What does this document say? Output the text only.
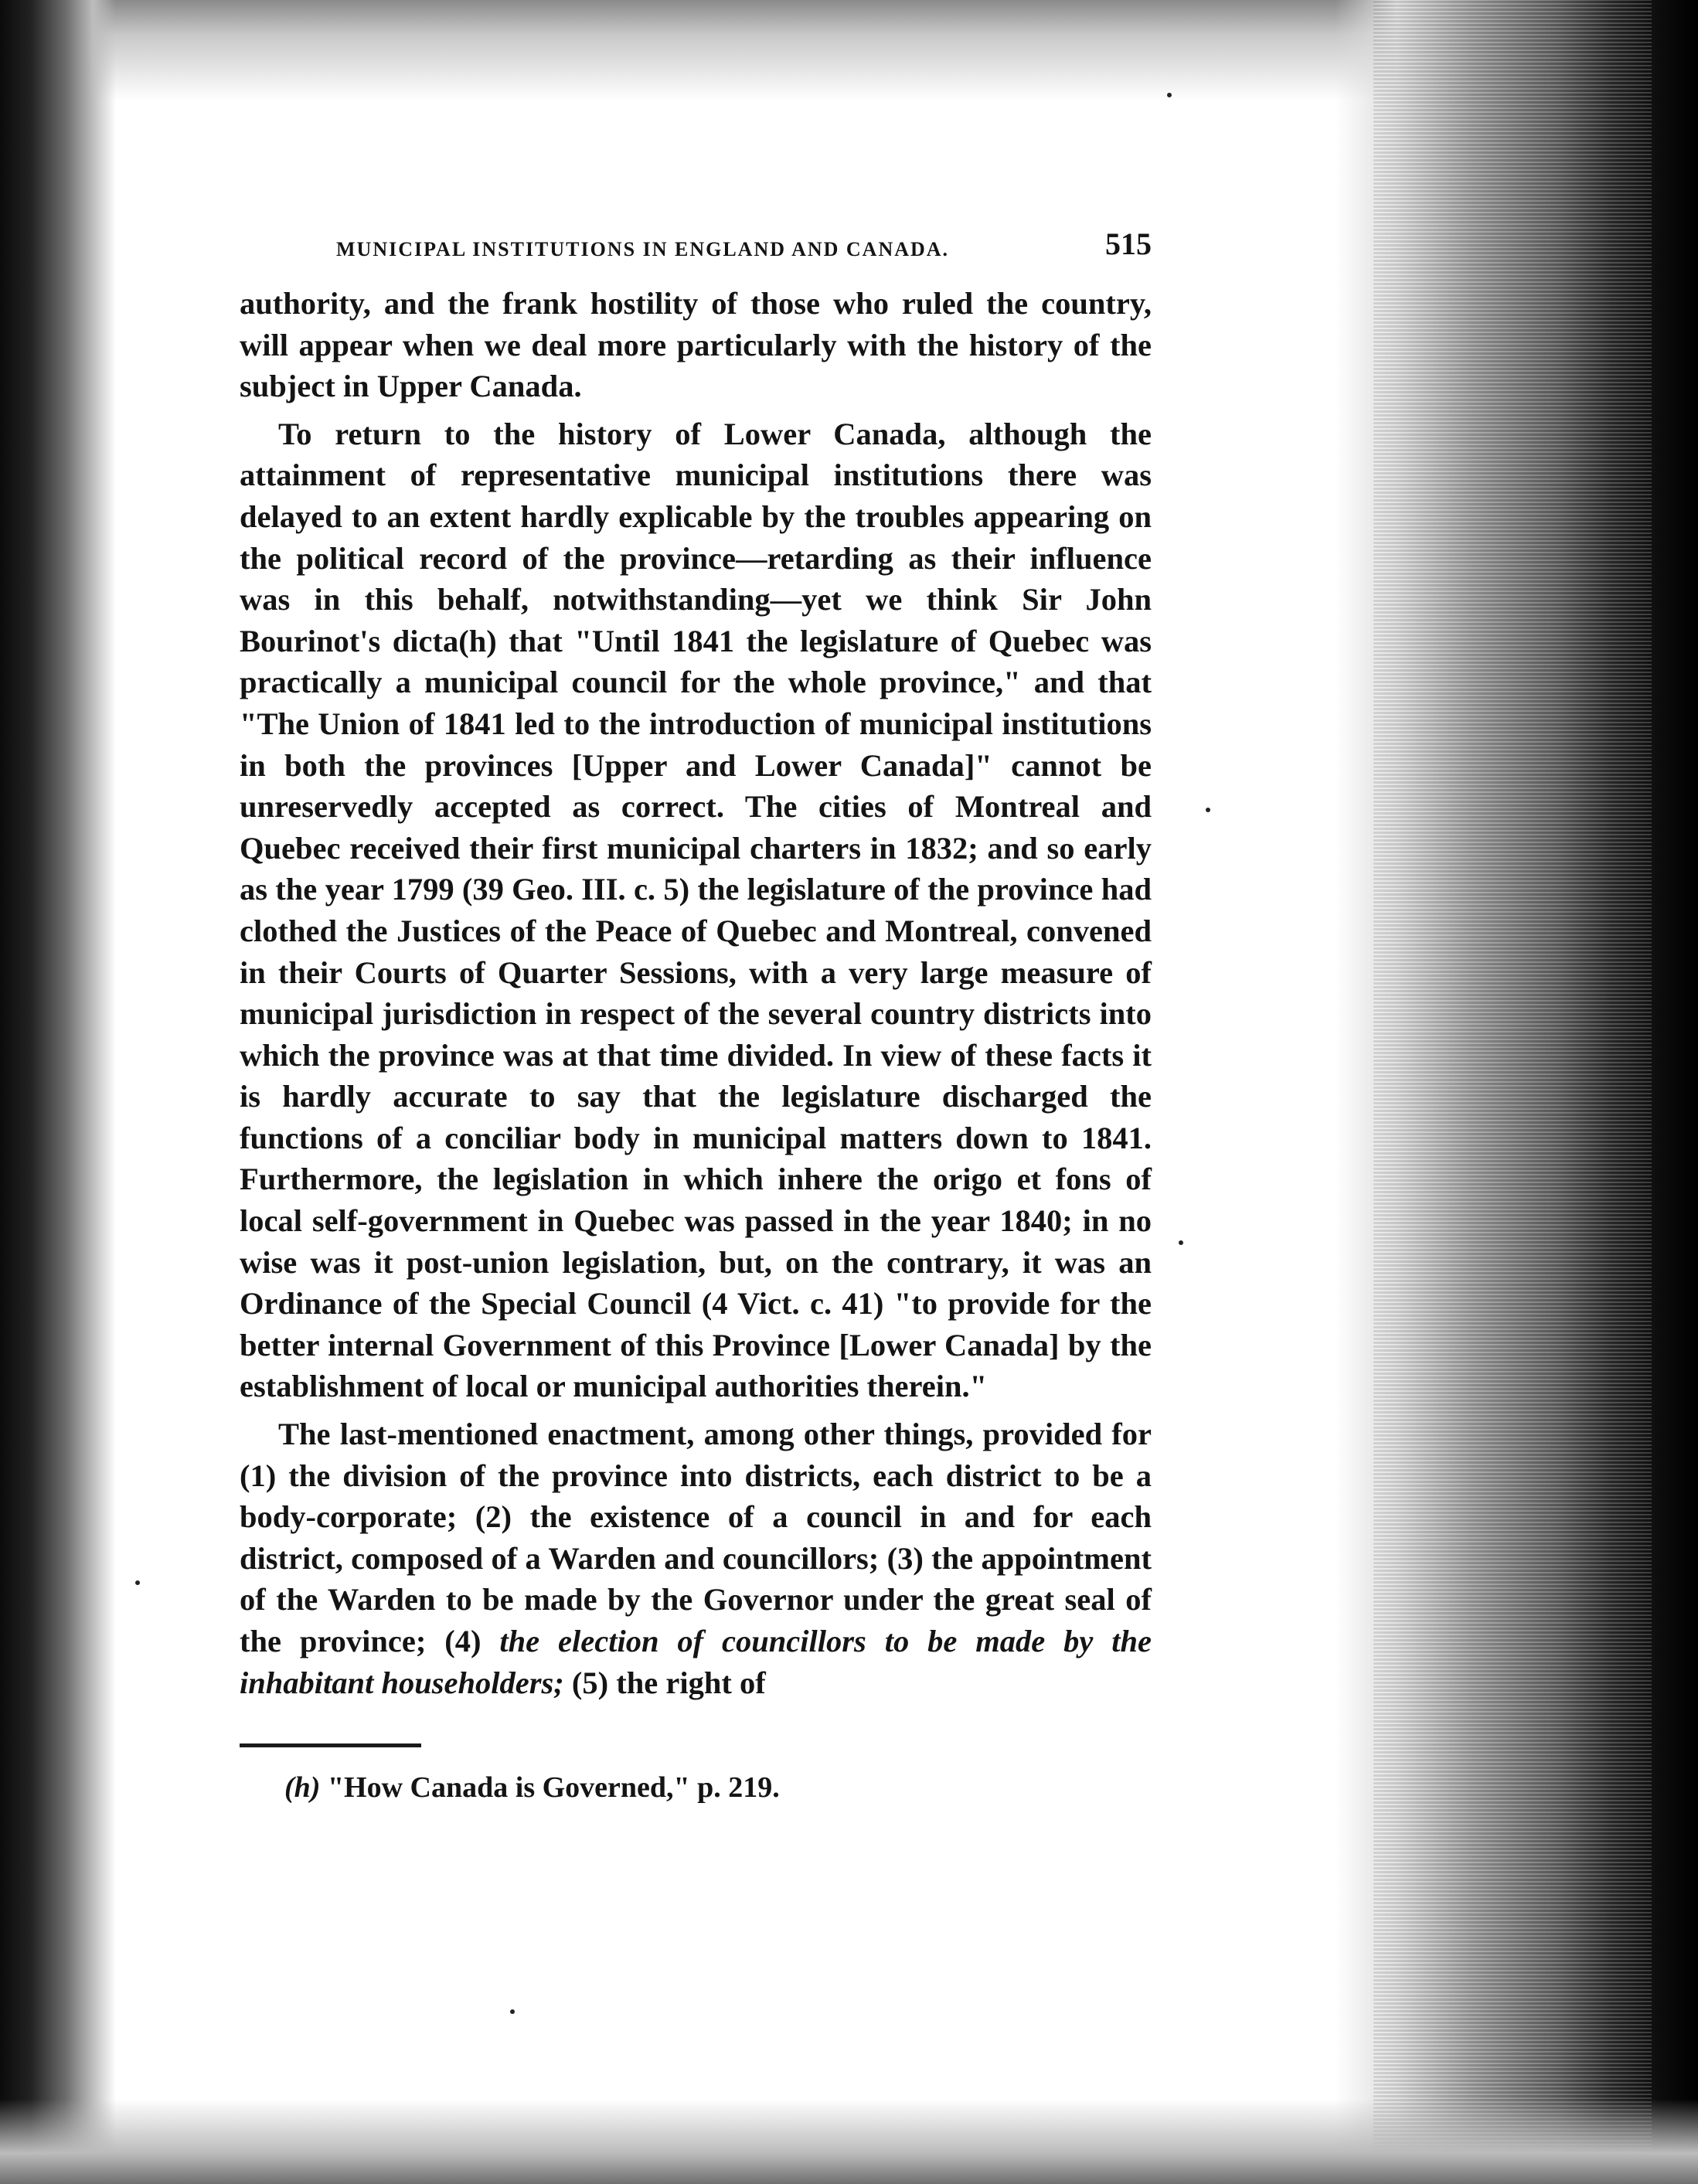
MUNICIPAL INSTITUTIONS IN ENGLAND AND CANADA.	515

authority, and the frank hostility of those who ruled the country, will appear when we deal more particularly with the history of the subject in Upper Canada.

To return to the history of Lower Canada, although the attainment of representative municipal institutions there was delayed to an extent hardly explicable by the troubles appearing on the political record of the province—retarding as their influence was in this behalf, notwithstanding—yet we think Sir John Bourinot's dicta(h) that "Until 1841 the legislature of Quebec was practically a municipal council for the whole province," and that "The Union of 1841 led to the introduction of municipal institutions in both the provinces [Upper and Lower Canada]" cannot be unreservedly accepted as correct. The cities of Montreal and Quebec received their first municipal charters in 1832; and so early as the year 1799 (39 Geo. III. c. 5) the legislature of the province had clothed the Justices of the Peace of Quebec and Montreal, convened in their Courts of Quarter Sessions, with a very large measure of municipal jurisdiction in respect of the several country districts into which the province was at that time divided. In view of these facts it is hardly accurate to say that the legislature discharged the functions of a conciliar body in municipal matters down to 1841. Furthermore, the legislation in which inhere the origo et fons of local self-government in Quebec was passed in the year 1840; in no wise was it post-union legislation, but, on the contrary, it was an Ordinance of the Special Council (4 Vict. c. 41) "to provide for the better internal Government of this Province [Lower Canada] by the establishment of local or municipal authorities therein."

The last-mentioned enactment, among other things, provided for (1) the division of the province into districts, each district to be a body-corporate; (2) the existence of a council in and for each district, composed of a Warden and councillors; (3) the appointment of the Warden to be made by the Governor under the great seal of the province; (4) the election of councillors to be made by the inhabitant householders; (5) the right of

(h) "How Canada is Governed," p. 219.
